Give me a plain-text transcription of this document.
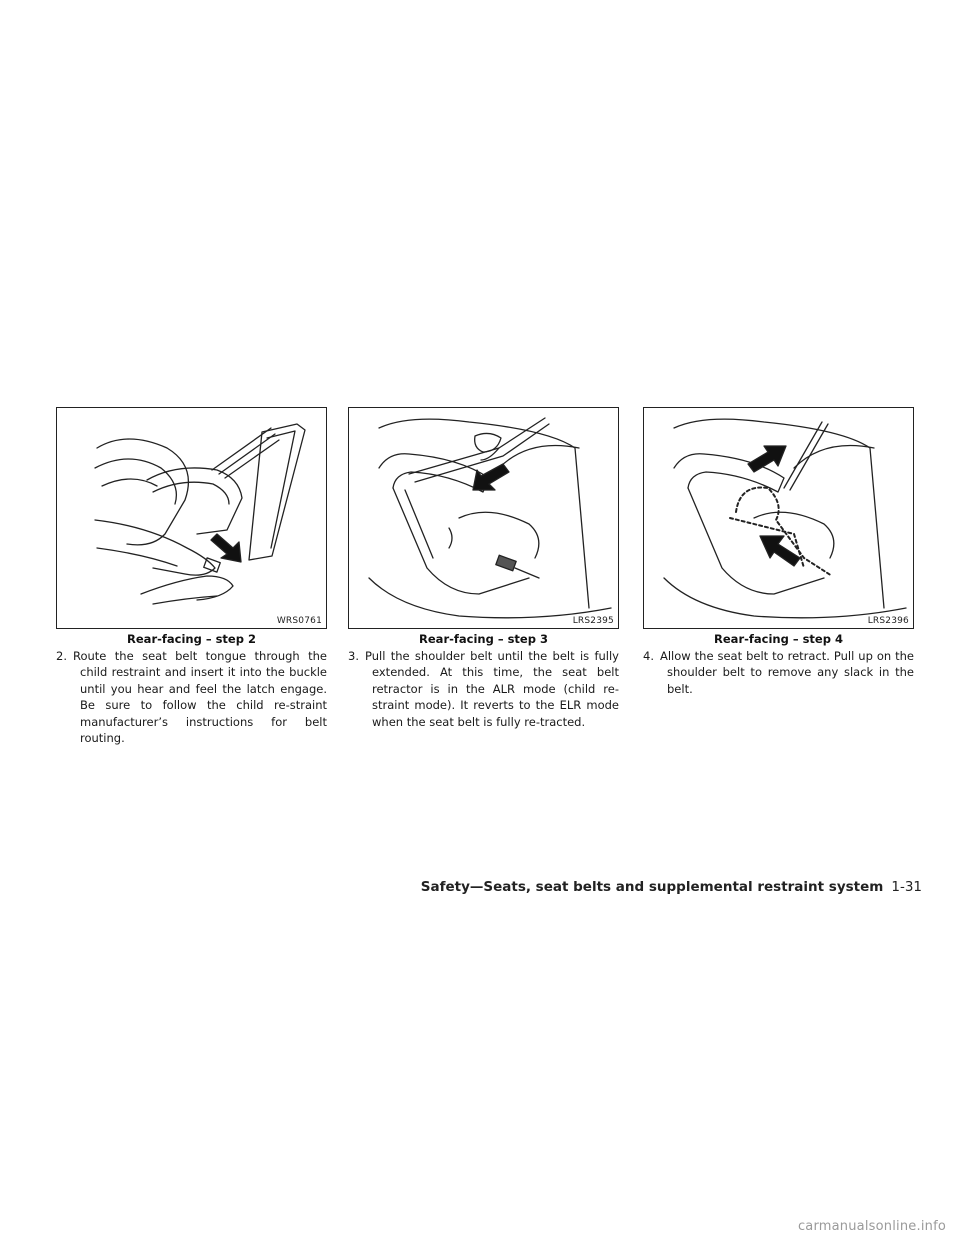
WRS0761	LRS2395	LRS2396
Rear-facing – step 2	Rear-facing – step 3	Rear-facing – step 4
2. Route the seat belt tongue through the child restraint and insert it into the buckle until you hear and feel the latch engage. Be sure to follow the child re-straint manufacturer’s instructions for belt routing.
3. Pull the shoulder belt until the belt is fully extended. At this time, the seat belt retractor is in the ALR mode (child re-straint mode). It reverts to the ELR mode when the seat belt is fully re-tracted.
4. Allow the seat belt to retract. Pull up on the shoulder belt to remove any slack in the belt.
Safety—Seats, seat belts and supplemental restraint system 1-31
carmanualsonline.info
